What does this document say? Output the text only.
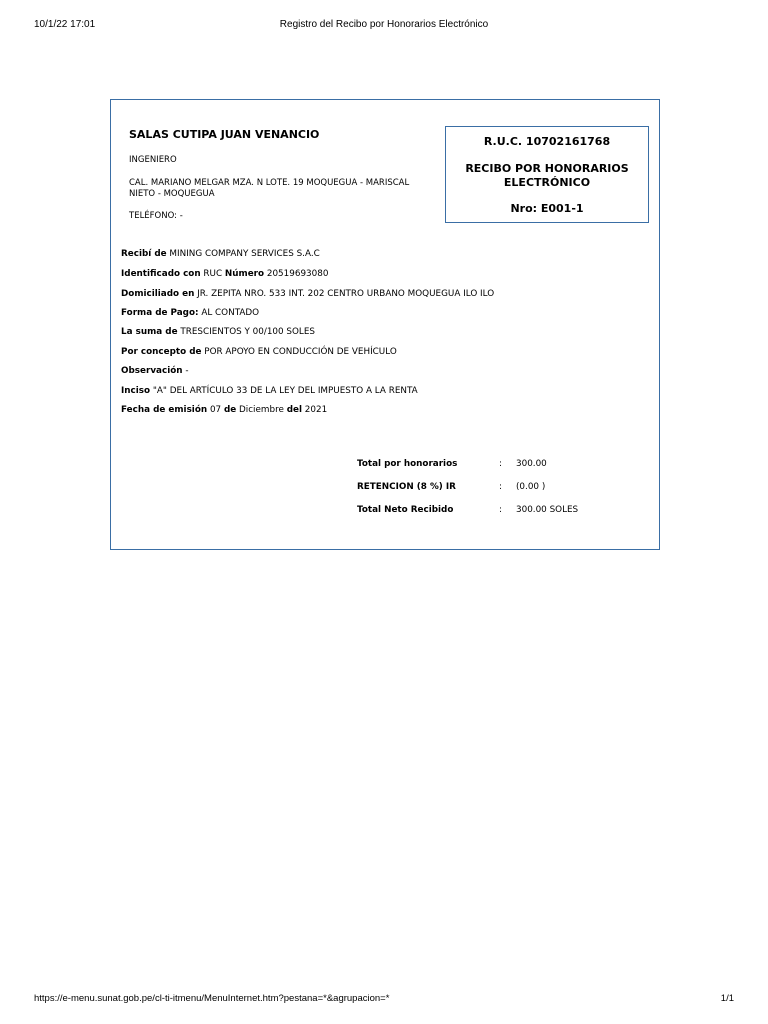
10/1/22 17:01	Registro del Recibo por Honorarios Electrónico
SALAS CUTIPA JUAN VENANCIO
INGENIERO
CAL. MARIANO MELGAR MZA. N LOTE. 19 MOQUEGUA - MARISCAL NIETO - MOQUEGUA
TELÉFONO: -
R.U.C. 10702161768
RECIBO POR HONORARIOS ELECTRÓNICO
Nro: E001-1
Recibí de MINING COMPANY SERVICES S.A.C
Identificado con RUC Número 20519693080
Domiciliado en JR. ZEPITA NRO. 533 INT. 202 CENTRO URBANO MOQUEGUA ILO ILO
Forma de Pago: AL CONTADO
La suma de TRESCIENTOS Y 00/100 SOLES
Por concepto de POR APOYO EN CONDUCCIÓN DE VEHÍCULO
Observación -
Inciso "A" DEL ARTÍCULO 33 DE LA LEY DEL IMPUESTO A LA RENTA
Fecha de emisión 07 de Diciembre del 2021
Total por honorarios	: 300.00
RETENCION (8 %) IR	: (0.00 )
Total Neto Recibido	: 300.00 SOLES
https://e-menu.sunat.gob.pe/cl-ti-itmenu/MenuInternet.htm?pestana=*&agrupacion=*	1/1
